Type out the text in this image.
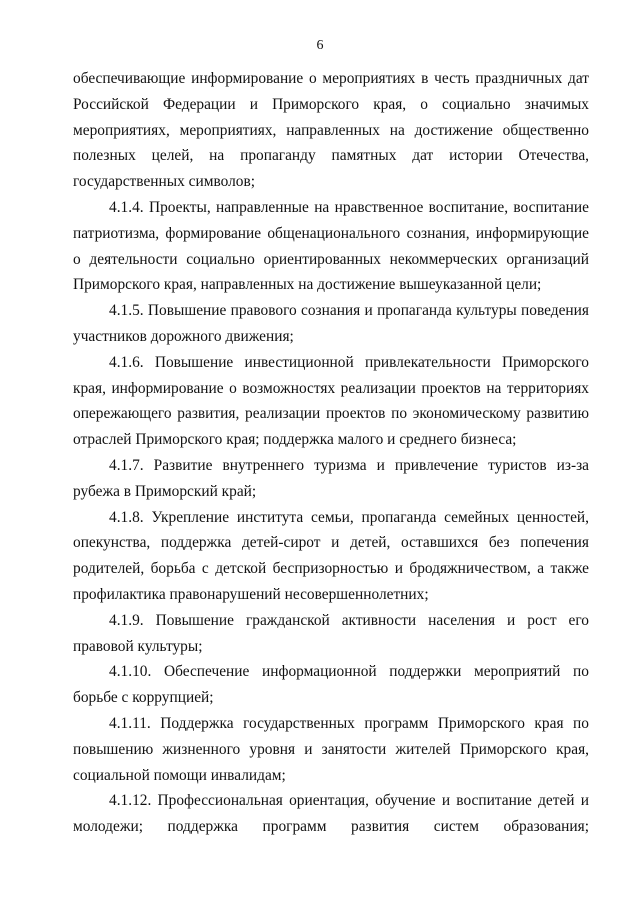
6

обеспечивающие информирование о мероприятиях в честь праздничных дат Российской Федерации и Приморского края, о социально значимых мероприятиях, мероприятиях, направленных на достижение общественно полезных целей, на пропаганду памятных дат истории Отечества, государственных символов;

4.1.4. Проекты, направленные на нравственное воспитание, воспитание патриотизма, формирование общенационального сознания, информирующие о деятельности социально ориентированных некоммерческих организаций Приморского края, направленных на достижение вышеуказанной цели;

4.1.5. Повышение правового сознания и пропаганда культуры поведения участников дорожного движения;

4.1.6. Повышение инвестиционной привлекательности Приморского края, информирование о возможностях реализации проектов на территориях опережающего развития, реализации проектов по экономическому развитию отраслей Приморского края; поддержка малого и среднего бизнеса;

4.1.7. Развитие внутреннего туризма и привлечение туристов из-за рубежа в Приморский край;

4.1.8. Укрепление института семьи, пропаганда семейных ценностей, опекунства, поддержка детей-сирот и детей, оставшихся без попечения родителей, борьба с детской беспризорностью и бродяжничеством, а также профилактика правонарушений несовершеннолетних;

4.1.9. Повышение гражданской активности населения и рост его правовой культуры;

4.1.10. Обеспечение информационной поддержки мероприятий по борьбе с коррупцией;

4.1.11. Поддержка государственных программ Приморского края по повышению жизненного уровня и занятости жителей Приморского края, социальной помощи инвалидам;

4.1.12. Профессиональная ориентация, обучение и воспитание детей и молодежи; поддержка программ развития систем образования;
